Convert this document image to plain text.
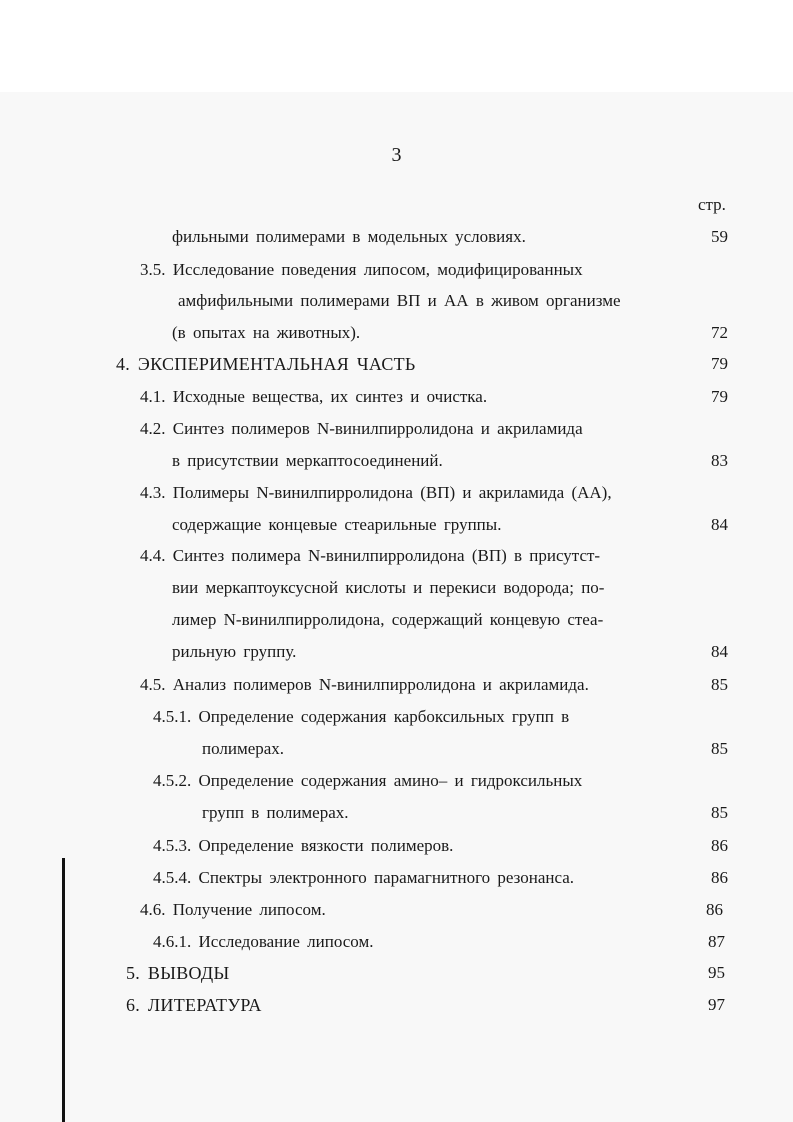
3
стр.
фильными полимерами в модельных условиях.	59
3.5. Исследование поведения липосом, модифицированных
амфифильными полимерами ВП и АА в живом организме
(в опытах на животных).	72
4. ЭКСПЕРИМЕНТАЛЬНАЯ ЧАСТЬ	79
4.1. Исходные вещества, их синтез и очистка.	79
4.2. Синтез полимеров N-винилпирролидона и акриламида
в присутствии меркаптосоединений.	83
4.3. Полимеры N-винилпирролидона (ВП) и акриламида (АА),
содержащие концевые стеарильные группы.	84
4.4. Синтез полимера N-винилпирролидона (ВП) в присутст-
вии меркаптоуксусной кислоты и перекиси водорода; по-
лимер N-винилпирролидона, содержащий концевую стеа-
рильную группу.	84
4.5. Анализ полимеров N-винилпирролидона и акриламида.	85
4.5.1. Определение содержания карбоксильных групп в
полимерах.	85
4.5.2. Определение содержания амино– и гидроксильных
групп в полимерах.	85
4.5.3. Определение вязкости полимеров.	86
4.5.4. Спектры электронного парамагнитного резонанса.	86
4.6. Получение липосом.	86
4.6.1. Исследование липосом.	87
5. ВЫВОДЫ	95
6. ЛИТЕРАТУРА	97
